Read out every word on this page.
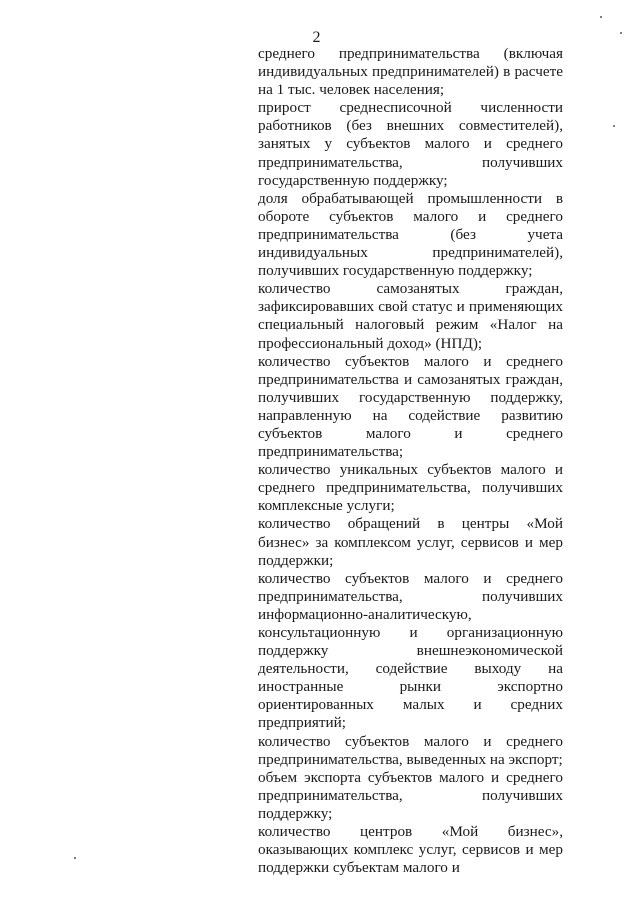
2

среднего предпринимательства (включая индивидуальных предпринимателей) в расчете на 1 тыс. человек населения;

прирост среднесписочной численности работников (без внешних совместителей), занятых у субъектов малого и среднего предпринимательства, получивших государственную поддержку;

доля обрабатывающей промышленности в обороте субъектов малого и среднего предпринимательства (без учета индивидуальных предпринимателей), получивших государственную поддержку;

количество самозанятых граждан, зафиксировавших свой статус и применяющих специальный налоговый режим «Налог на профессиональный доход» (НПД);

количество субъектов малого и среднего предпринимательства и самозанятых граждан, получивших государственную поддержку, направленную на содействие развитию субъектов малого и среднего предпринимательства;

количество уникальных субъектов малого и среднего предпринимательства, получивших комплексные услуги;

количество обращений в центры «Мой бизнес» за комплексом услуг, сервисов и мер поддержки;

количество субъектов малого и среднего предпринимательства, получивших информационно-аналитическую, консультационную и организационную поддержку внешнеэкономической деятельности, содействие выходу на иностранные рынки экспортно ориентированных малых и средних предприятий;

количество субъектов малого и среднего предпринимательства, выведенных на экспорт;

объем экспорта субъектов малого и среднего предпринимательства, получивших поддержку;

количество центров «Мой бизнес», оказывающих комплекс услуг, сервисов и мер поддержки субъектам малого и
